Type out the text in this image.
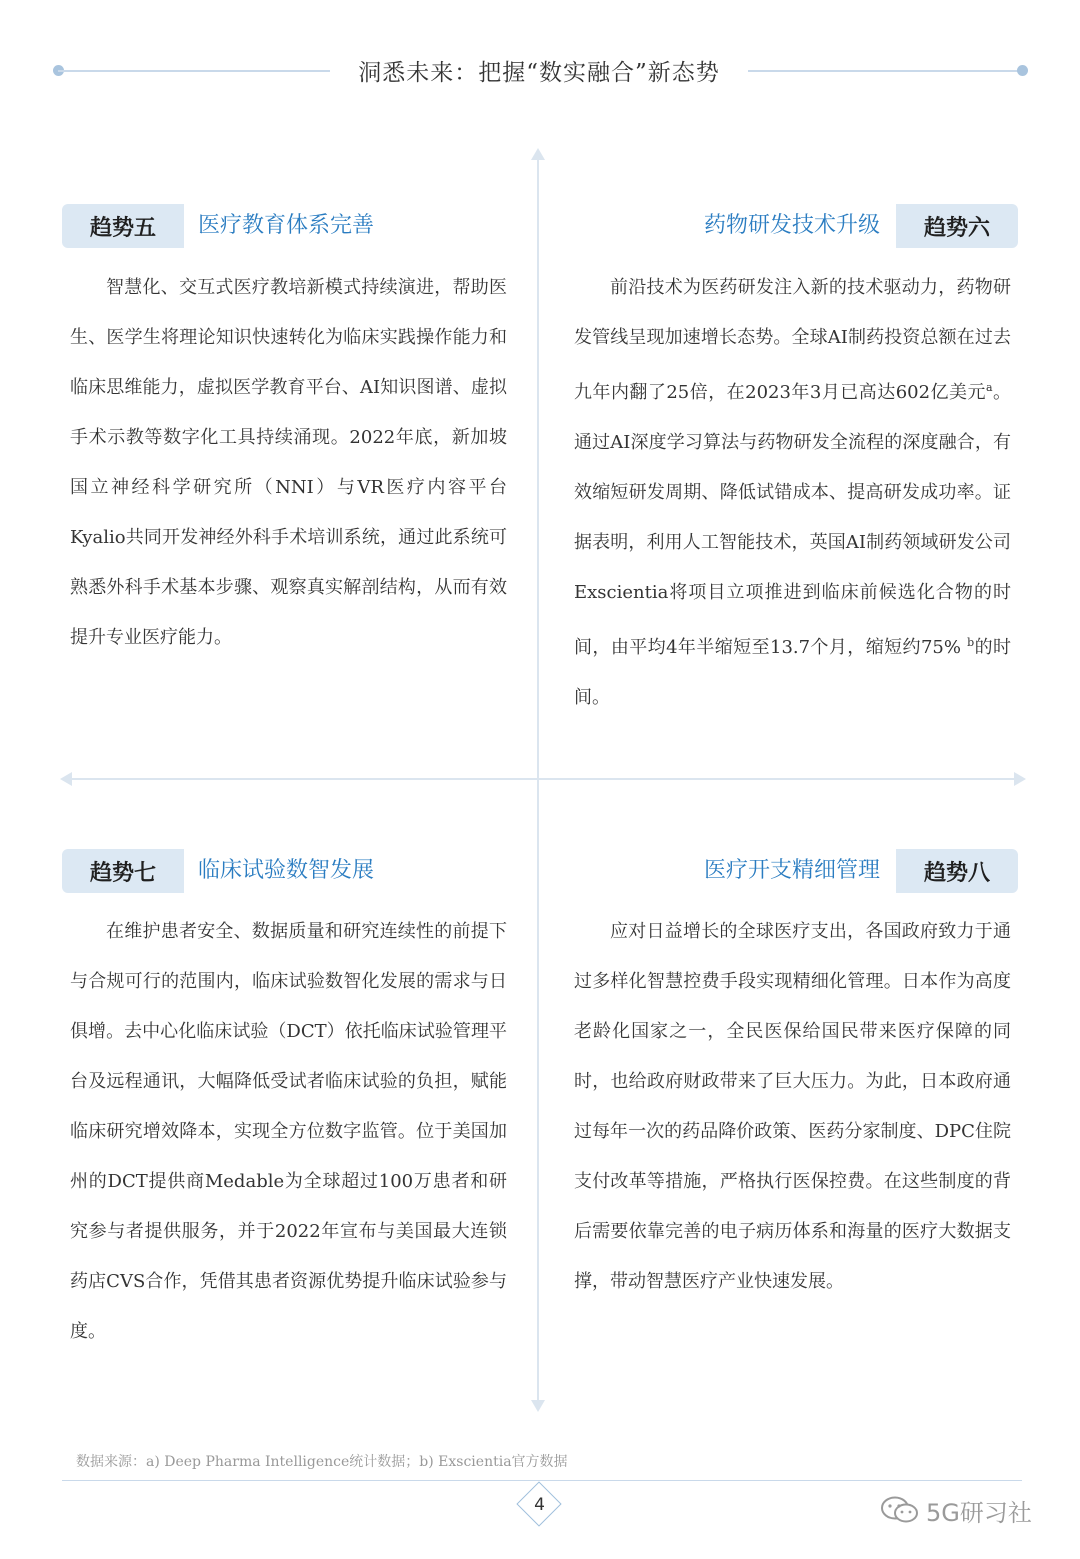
洞悉未来：把握“数实融合”新态势
趋势五	医疗教育体系完善

智慧化、交互式医疗教培新模式持续演进，帮助医生、医学生将理论知识快速转化为临床实践操作能力和临床思维能力，虚拟医学教育平台、AI知识图谱、虚拟手术示教等数字化工具持续涌现。2022年底，新加坡国立神经科学研究所（NNI）与VR医疗内容平台Kyalio共同开发神经外科手术培训系统，通过此系统可熟悉外科手术基本步骤、观察真实解剖结构，从而有效提升专业医疗能力。

药物研发技术升级	趋势六

前沿技术为医药研发注入新的技术驱动力，药物研发管线呈现加速增长态势。全球AI制药投资总额在过去九年内翻了25倍，在2023年3月已高达602亿美元$^a$。通过AI深度学习算法与药物研发全流程的深度融合，有效缩短研发周期、降低试错成本、提高研发成功率。证据表明，利用人工智能技术，英国AI制药领域研发公司Exscientia将项目立项推进到临床前候选化合物的时间，由平均4年半缩短至13.7个月，缩短约75% $^b$的时间。

趋势七	临床试验数智发展

在维护患者安全、数据质量和研究连续性的前提下与合规可行的范围内，临床试验数智化发展的需求与日俱增。去中心化临床试验（DCT）依托临床试验管理平台及远程通讯，大幅降低受试者临床试验的负担，赋能临床研究增效降本，实现全方位数字监管。位于美国加州的DCT提供商Medable为全球超过100万患者和研究参与者提供服务，并于2022年宣布与美国最大连锁药店CVS合作，凭借其患者资源优势提升临床试验参与度。

医疗开支精细管理	趋势八

应对日益增长的全球医疗支出，各国政府致力于通过多样化智慧控费手段实现精细化管理。日本作为高度老龄化国家之一，全民医保给国民带来医疗保障的同时，也给政府财政带来了巨大压力。为此，日本政府通过每年一次的药品降价政策、医药分家制度、DPC住院支付改革等措施，严格执行医保控费。在这些制度的背后需要依靠完善的电子病历体系和海量的医疗大数据支撑，带动智慧医疗产业快速发展。

数据来源：a) Deep Pharma Intelligence统计数据；b) Exscientia官方数据
4	5G研习社
